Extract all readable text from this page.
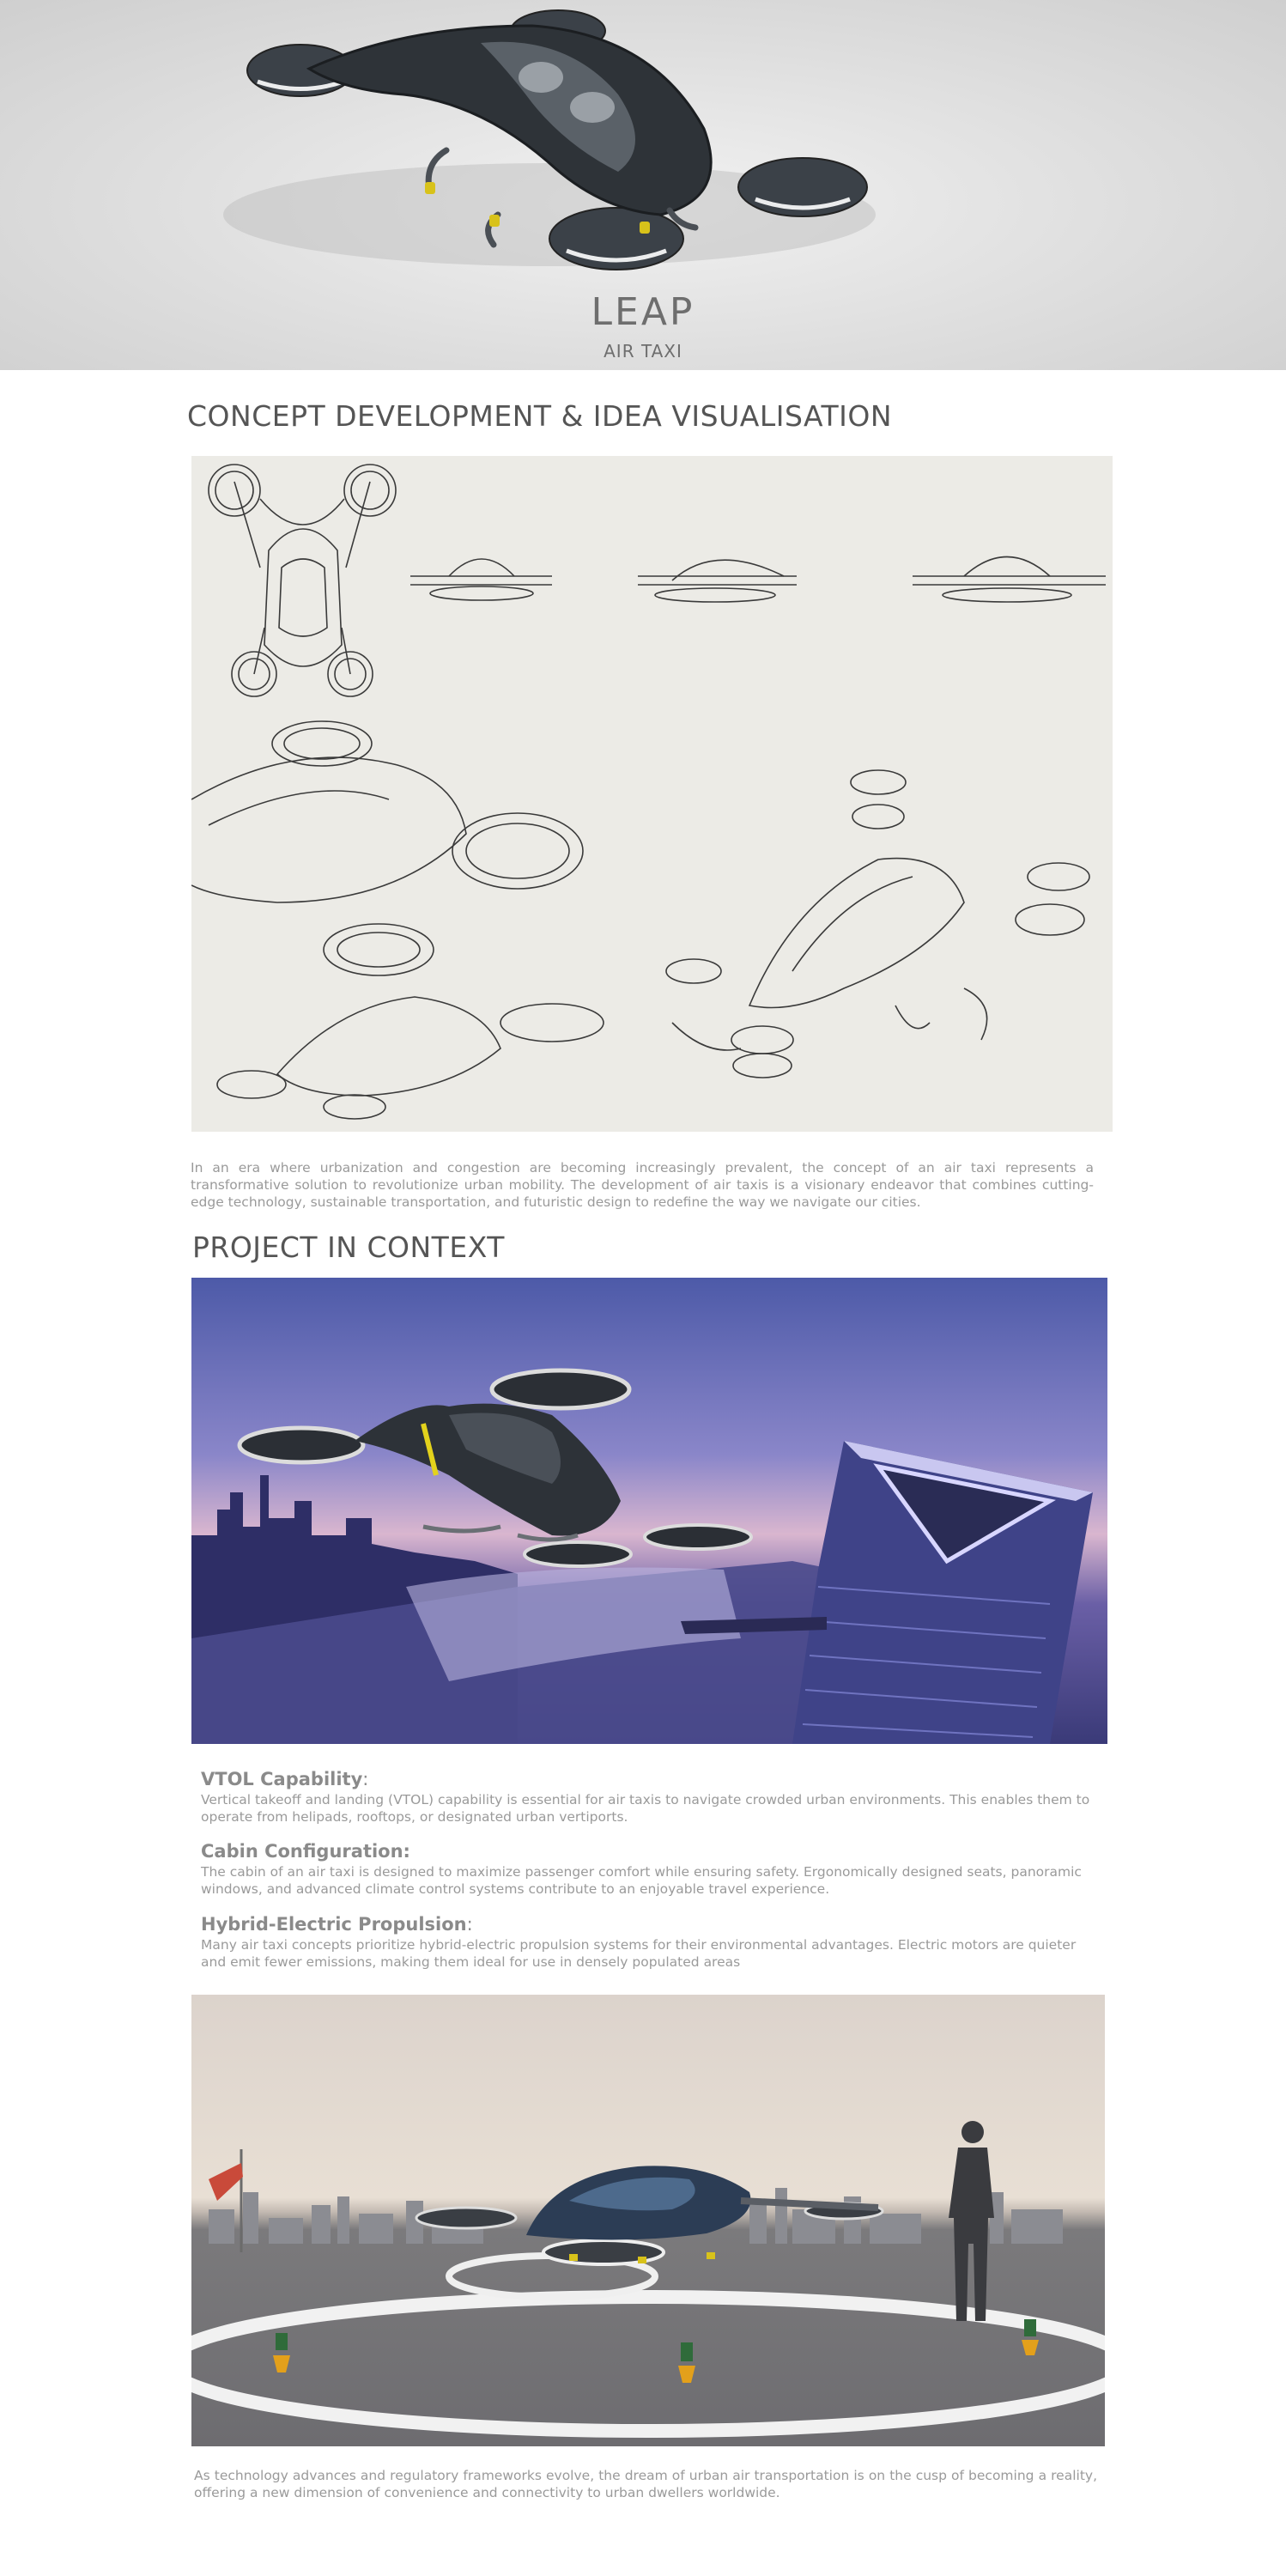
LEAP
AIR TAXI
CONCEPT DEVELOPMENT & IDEA VISUALISATION
In an era where urbanization and congestion are becoming increasingly prevalent, the concept of an air taxi represents a transformative solution to revolutionize urban mobility. The development of air taxis is a visionary endeavor that combines cutting-edge technology, sustainable transportation, and futuristic design to redefine the way we navigate our cities.
PROJECT IN CONTEXT
VTOL Capability:
Vertical takeoff and landing (VTOL) capability is essential for air taxis to navigate crowded urban environments. This enables them to operate from helipads, rooftops, or designated urban vertiports.
Cabin Configuration:
The cabin of an air taxi is designed to maximize passenger comfort while ensuring safety. Ergonomically designed seats, panoramic windows, and advanced climate control systems contribute to an enjoyable travel experience.
Hybrid-Electric Propulsion:
Many air taxi concepts prioritize hybrid-electric propulsion systems for their environmental advantages. Electric motors are quieter and emit fewer emissions, making them ideal for use in densely populated areas
As technology advances and regulatory frameworks evolve, the dream of urban air transportation is on the cusp of becoming a reality, offering a new dimension of convenience and connectivity to urban dwellers worldwide.
